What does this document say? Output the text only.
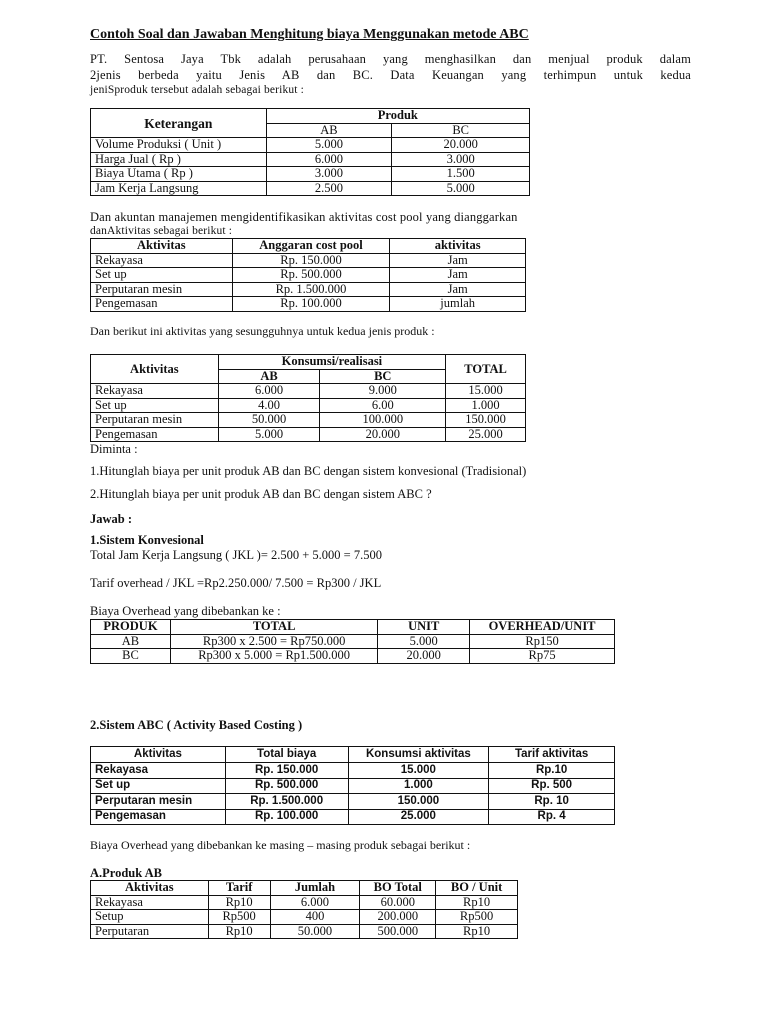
Contoh Soal dan Jawaban Menghitung biaya Menggunakan metode ABC
PT. Sentosa Jaya Tbk adalah perusahaan yang menghasilkan dan menjual produk dalam
2jenis berbeda yaitu Jenis AB dan BC. Data Keuangan yang terhimpun untuk kedua
jeniSproduk tersebut adalah sebagai berikut :
Keterangan	Produk	
	AB	BC
Volume Produksi ( Unit )	5.000	20.000
Harga Jual ( Rp )	6.000	3.000
Biaya Utama ( Rp )	3.000	1.500
Jam Kerja Langsung	2.500	5.000
Dan akuntan manajemen mengidentifikasikan aktivitas cost pool yang dianggarkan
danAktivitas sebagai berikut :
Aktivitas	Anggaran cost pool	aktivitas
Rekayasa	Rp. 150.000	Jam
Set up	Rp. 500.000	Jam
Perputaran mesin	Rp. 1.500.000	Jam
Pengemasan	Rp. 100.000	jumlah
Dan berikut ini aktivitas yang sesungguhnya untuk kedua jenis produk :
Aktivitas	Konsumsi/realisasi		TOTAL
	AB	BC	
Rekayasa	6.000	9.000	15.000
Set up	4.00	6.00	1.000
Perputaran mesin	50.000	100.000	150.000
Pengemasan	5.000	20.000	25.000
Diminta :
1.Hitunglah biaya per unit produk AB dan BC dengan sistem konvesional (Tradisional)
2.Hitunglah biaya per unit produk AB dan BC dengan sistem ABC ?
Jawab :
1.Sistem Konvesional
Total Jam Kerja Langsung ( JKL )= 2.500 + 5.000 = 7.500
Tarif overhead / JKL =Rp2.250.000/ 7.500 = Rp300 / JKL
Biaya Overhead yang dibebankan ke :
PRODUK	TOTAL	UNIT	OVERHEAD/UNIT
AB	Rp300 x 2.500 = Rp750.000	5.000	Rp150
BC	Rp300 x 5.000 = Rp1.500.000	20.000	Rp75
2.Sistem ABC ( Activity Based Costing )
Aktivitas	Total biaya	Konsumsi aktivitas	Tarif aktivitas
Rekayasa	Rp. 150.000	15.000	Rp.10
Set up	Rp. 500.000	1.000	Rp. 500
Perputaran mesin	Rp. 1.500.000	150.000	Rp. 10
Pengemasan	Rp. 100.000	25.000	Rp. 4
Biaya Overhead yang dibebankan ke masing – masing produk sebagai berikut :
A.Produk AB
Aktivitas	Tarif	Jumlah	BO Total	BO / Unit
Rekayasa	Rp10	6.000	60.000	Rp10
Setup	Rp500	400	200.000	Rp500
Perputaran	Rp10	50.000	500.000	Rp10
